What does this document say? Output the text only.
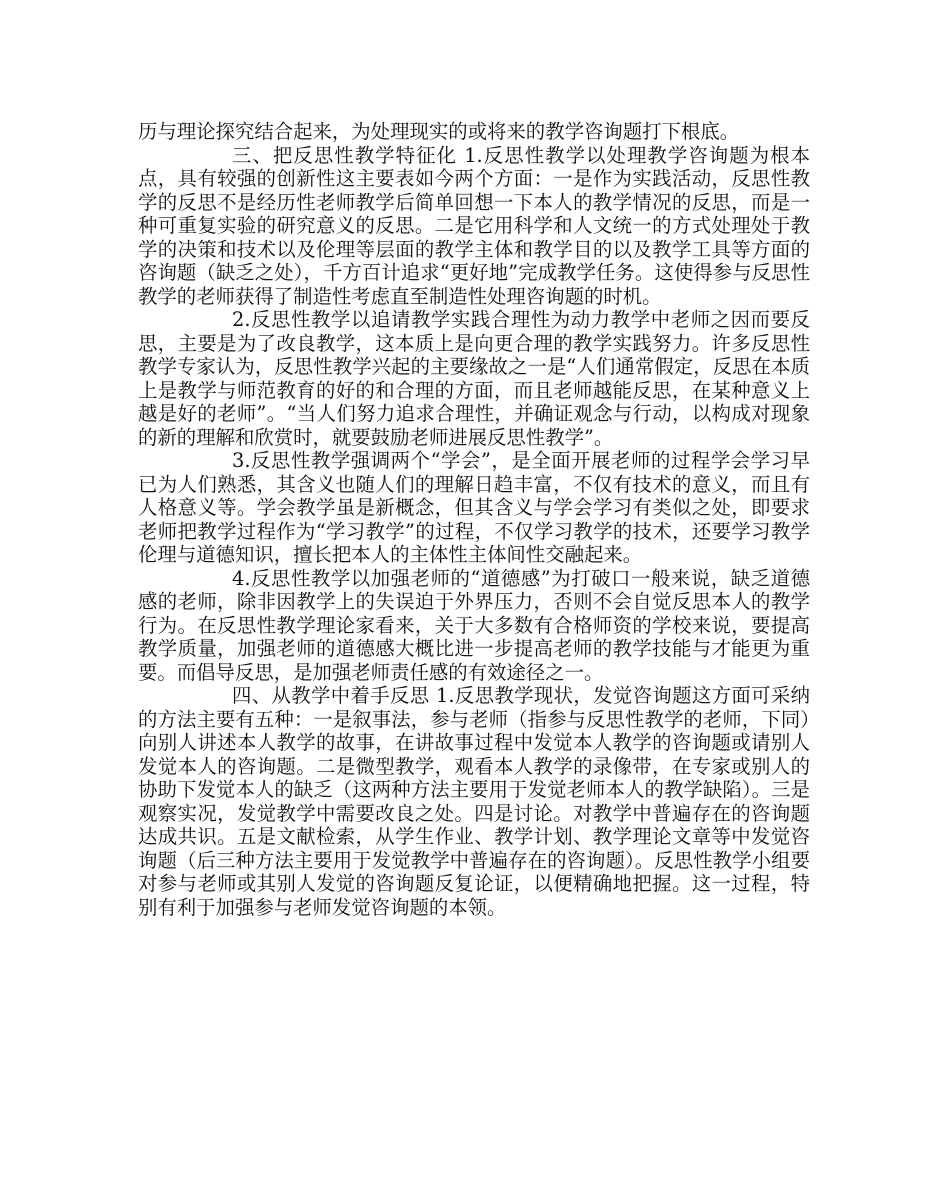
历与理论探究结合起来，为处理现实的或将来的教学咨询题打下根底。

三、把反思性教学特征化 1.反思性教学以处理教学咨询题为根本点，具有较强的创新性这主要表如今两个方面：一是作为实践活动，反思性教学的反思不是经历性老师教学后简单回想一下本人的教学情况的反思，而是一种可重复实验的研究意义的反思。二是它用科学和人文统一的方式处理处于教学的决策和技术以及伦理等层面的教学主体和教学目的以及教学工具等方面的咨询题（缺乏之处），千方百计追求“更好地”完成教学任务。这使得参与反思性教学的老师获得了制造性考虑直至制造性处理咨询题的时机。

2.反思性教学以追请教学实践合理性为动力教学中老师之因而要反思，主要是为了改良教学，这本质上是向更合理的教学实践努力。许多反思性教学专家认为，反思性教学兴起的主要缘故之一是“人们通常假定，反思在本质上是教学与师范教育的好的和合理的方面，而且老师越能反思，在某种意义上越是好的老师”。“当人们努力追求合理性，并确证观念与行动，以构成对现象的新的理解和欣赏时，就要鼓励老师进展反思性教学”。

3.反思性教学强调两个“学会”，是全面开展老师的过程学会学习早已为人们熟悉，其含义也随人们的理解日趋丰富，不仅有技术的意义，而且有人格意义等。学会教学虽是新概念，但其含义与学会学习有类似之处，即要求老师把教学过程作为“学习教学”的过程，不仅学习教学的技术，还要学习教学伦理与道德知识，擅长把本人的主体性主体间性交融起来。

4.反思性教学以加强老师的“道德感”为打破口一般来说，缺乏道德感的老师，除非因教学上的失误迫于外界压力，否则不会自觉反思本人的教学行为。在反思性教学理论家看来，关于大多数有合格师资的学校来说，要提高教学质量，加强老师的道德感大概比进一步提高老师的教学技能与才能更为重要。而倡导反思，是加强老师责任感的有效途径之一。

四、从教学中着手反思 1.反思教学现状，发觉咨询题这方面可采纳的方法主要有五种：一是叙事法，参与老师（指参与反思性教学的老师，下同）向别人讲述本人教学的故事，在讲故事过程中发觉本人教学的咨询题或请别人发觉本人的咨询题。二是微型教学，观看本人教学的录像带，在专家或别人的协助下发觉本人的缺乏（这两种方法主要用于发觉老师本人的教学缺陷）。三是观察实况，发觉教学中需要改良之处。四是讨论。对教学中普遍存在的咨询题达成共识。五是文献检索，从学生作业、教学计划、教学理论文章等中发觉咨询题（后三种方法主要用于发觉教学中普遍存在的咨询题）。反思性教学小组要对参与老师或其别人发觉的咨询题反复论证，以便精确地把握。这一过程，特别有利于加强参与老师发觉咨询题的本领。
